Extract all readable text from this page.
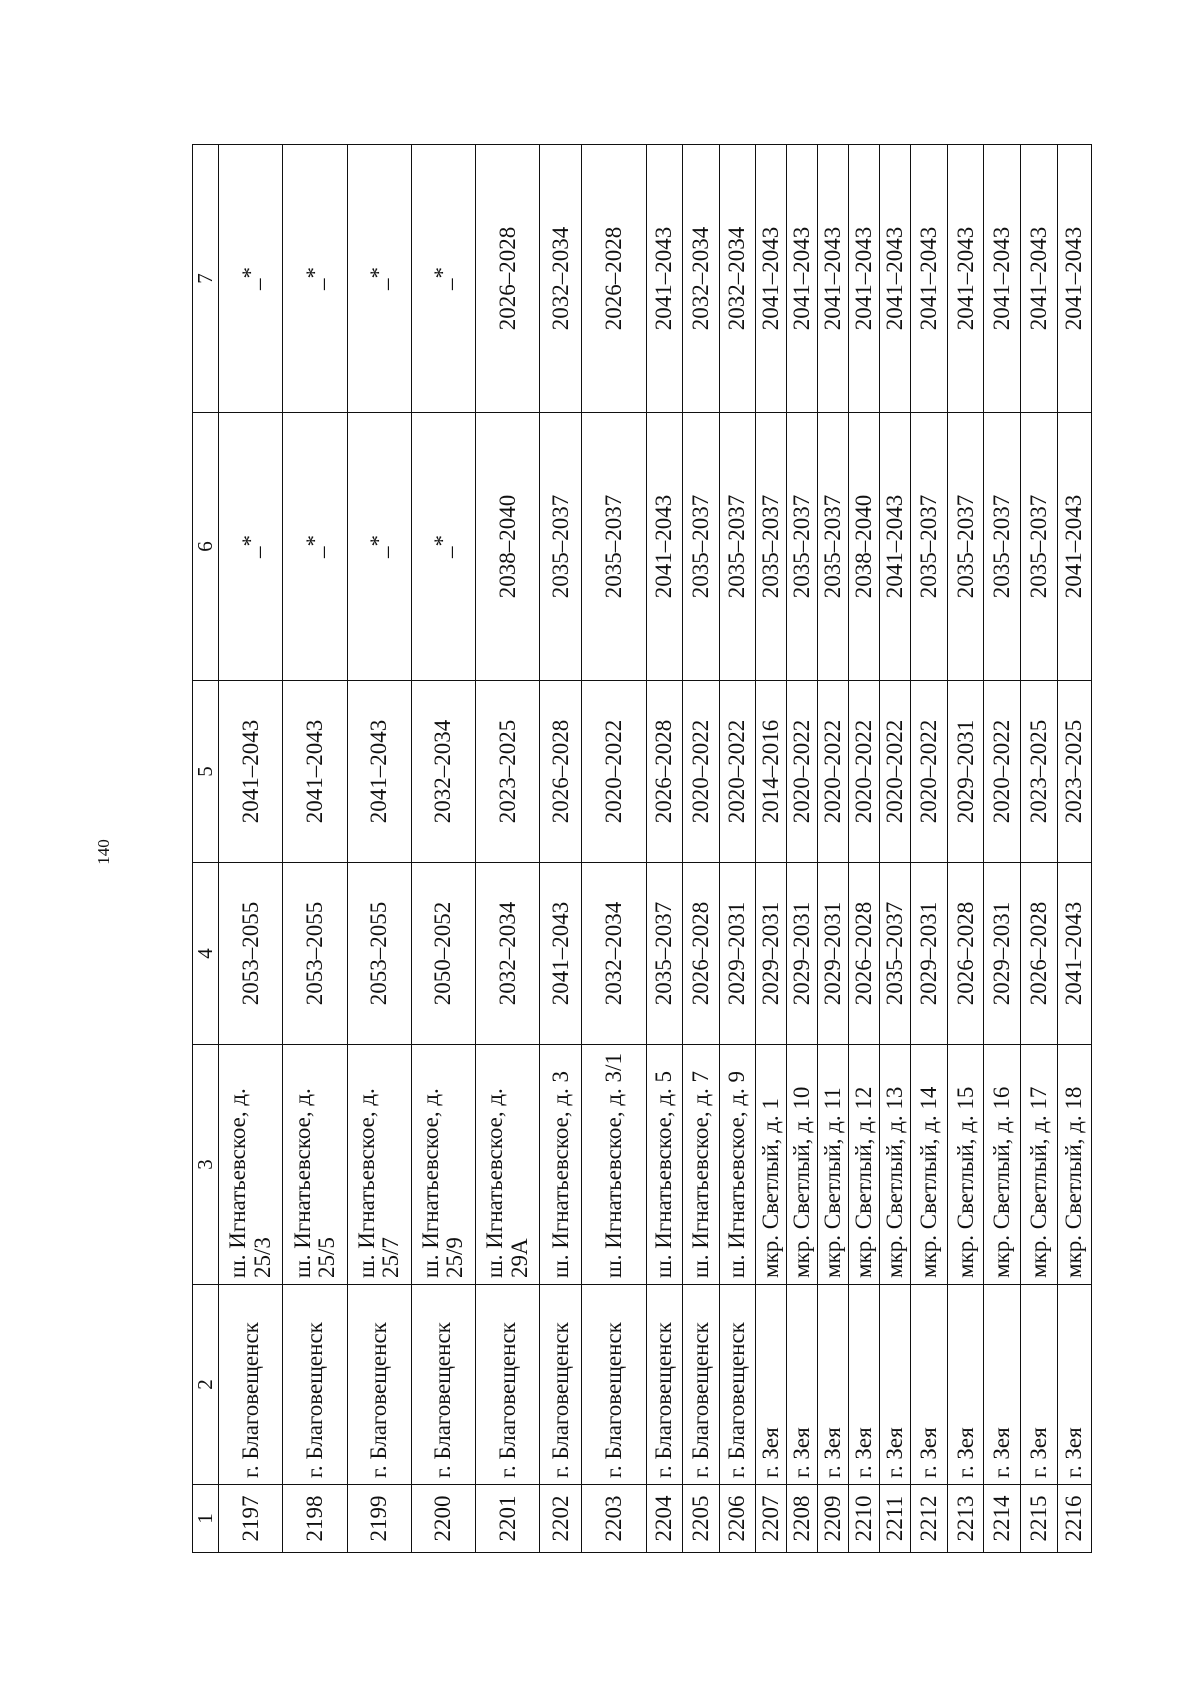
140
1	2	3	4	5	6	7
2197	г. Благовещенск	ш. Игнатьевское, д. 25/3	2053–2055	2041–2043	_*	_*
2198	г. Благовещенск	ш. Игнатьевское, д. 25/5	2053–2055	2041–2043	_*	_*
2199	г. Благовещенск	ш. Игнатьевское, д. 25/7	2053–2055	2041–2043	_*	_*
2200	г. Благовещенск	ш. Игнатьевское, д. 25/9	2050–2052	2032–2034	_*	_*
2201	г. Благовещенск	ш. Игнатьевское, д. 29А	2032–2034	2023–2025	2038–2040	2026–2028
2202	г. Благовещенск	ш. Игнатьевское, д. 3	2041–2043	2026–2028	2035–2037	2032–2034
2203	г. Благовещенск	ш. Игнатьевское, д. 3/1	2032–2034	2020–2022	2035–2037	2026–2028
2204	г. Благовещенск	ш. Игнатьевское, д. 5	2035–2037	2026–2028	2041–2043	2041–2043
2205	г. Благовещенск	ш. Игнатьевское, д. 7	2026–2028	2020–2022	2035–2037	2032–2034
2206	г. Благовещенск	ш. Игнатьевское, д. 9	2029–2031	2020–2022	2035–2037	2032–2034
2207	г. Зея	мкр. Светлый, д. 1	2029–2031	2014–2016	2035–2037	2041–2043
2208	г. Зея	мкр. Светлый, д. 10	2029–2031	2020–2022	2035–2037	2041–2043
2209	г. Зея	мкр. Светлый, д. 11	2029–2031	2020–2022	2035–2037	2041–2043
2210	г. Зея	мкр. Светлый, д. 12	2026–2028	2020–2022	2038–2040	2041–2043
2211	г. Зея	мкр. Светлый, д. 13	2035–2037	2020–2022	2041–2043	2041–2043
2212	г. Зея	мкр. Светлый, д. 14	2029–2031	2020–2022	2035–2037	2041–2043
2213	г. Зея	мкр. Светлый, д. 15	2026–2028	2029–2031	2035–2037	2041–2043
2214	г. Зея	мкр. Светлый, д. 16	2029–2031	2020–2022	2035–2037	2041–2043
2215	г. Зея	мкр. Светлый, д. 17	2026–2028	2023–2025	2035–2037	2041–2043
2216	г. Зея	мкр. Светлый, д. 18	2041–2043	2023–2025	2041–2043	2041–2043
